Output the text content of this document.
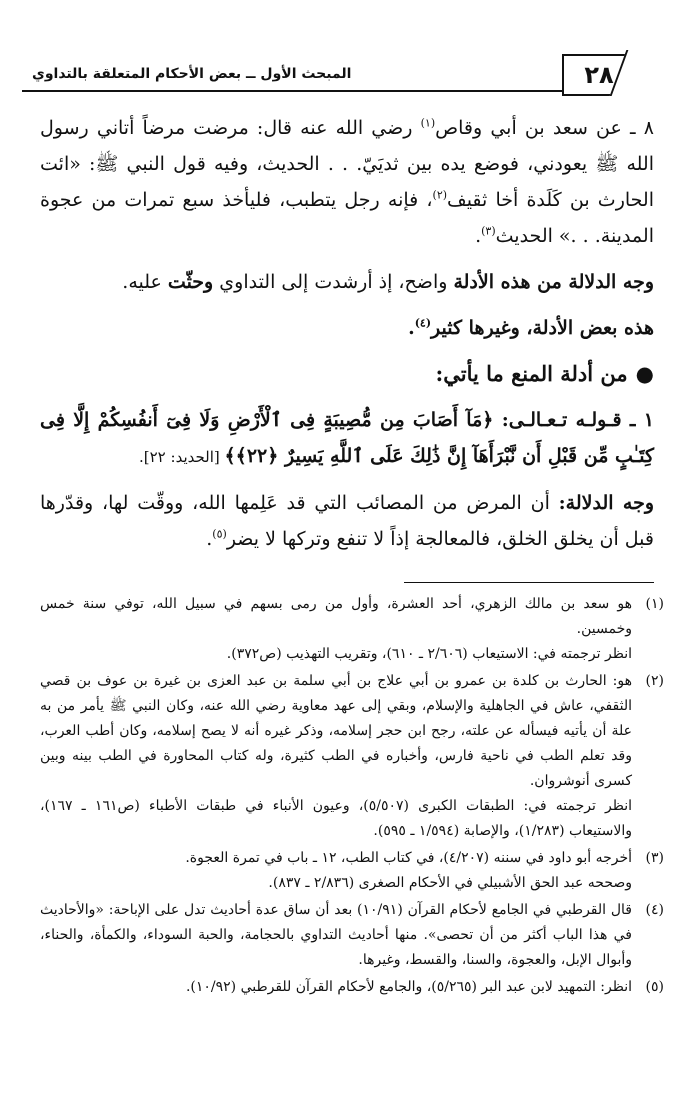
٢٨
المبحث الأول ــ بعض الأحكام المتعلقة بالتداوي

٨ ـ عن سعد بن أبي وقاص$^{(١)}$ رضي الله عنه قال: مرضت مرضاً أتاني رسول الله ﷺ يعودني، فوضع يده بين ثديَيّ. . . الحديث، وفيه قول النبي ﷺ: «ائت الحارث بن كَلَدة أخا ثقيف$^{(٢)}$، فإنه رجل يتطبب، فليأخذ سبع تمرات من عجوة المدينة. . .» الحديث$^{(٣)}$.

وجه الدلالة من هذه الأدلة واضح، إذ أرشدت إلى التداوي وحثّت عليه.

هذه بعض الأدلة، وغيرها كثير$^{(٤)}$.

●من أدلة المنع ما يأتي:

١ ـ قـولـه تـعـالـى: ﴿مَآ أَصَابَ مِن مُّصِيبَةٍ فِى ٱلْأَرْضِ وَلَا فِىٓ أَنفُسِكُمْ إِلَّا فِى كِتَـٰبٍ مِّن قَبْلِ أَن نَّبْرَأَهَآ إِنَّ ذَٰلِكَ عَلَى ٱللَّهِ يَسِيرٌ ﴿٢٢﴾﴾ [الحديد: ٢٢].

وجه الدلالة: أن المرض من المصائب التي قد عَلِمها الله، ووقّت لها، وقدّرها قبل أن يخلق الخلق، فالمعالجة إذاً لا تنفع وتركها لا يضر$^{(٥)}$.

(١)
هو سعد بن مالك الزهري، أحد العشرة، وأول من رمى بسهم في سبيل الله، توفي سنة خمس وخمسين.
انظر ترجمته في: الاستيعاب (٢/٦٠٦ ـ ٦١٠)، وتقريب التهذيب (ص٣٧٢).
(٢)
هو: الحارث بن كلدة بن عمرو بن أبي علاج بن أبي سلمة بن عبد العزى بن غيرة بن عوف بن قصي الثقفي، عاش في الجاهلية والإسلام، وبقي إلى عهد معاوية رضي الله عنه، وكان النبي ﷺ يأمر من به علة أن يأتيه فيسأله عن علته، رجح ابن حجر إسلامه، وذكر غيره أنه لا يصح إسلامه، وكان أطب العرب، وقد تعلم الطب في ناحية فارس، وأخباره في الطب كثيرة، وله كتاب المحاورة في الطب بينه وبين كسرى أنوشروان.
انظر ترجمته في: الطبقات الكبرى (٥/٥٠٧)، وعيون الأنباء في طبقات الأطباء (ص١٦١ ـ ١٦٧)، والاستيعاب (١/٢٨٣)، والإصابة (١/٥٩٤ ـ ٥٩٥).
(٣)
أخرجه أبو داود في سننه (٤/٢٠٧)، في كتاب الطب، ١٢ ـ باب في تمرة العجوة.
وصححه عبد الحق الأشبيلي في الأحكام الصغرى (٢/٨٣٦ ـ ٨٣٧).
(٤)
قال القرطبي في الجامع لأحكام القرآن (١٠/٩١) بعد أن ساق عدة أحاديث تدل على الإباحة: «والأحاديث في هذا الباب أكثر من أن تحصى». منها أحاديث التداوي بالحجامة، والحبة السوداء، والكمأة، والحناء، وأبوال الإبل، والعجوة، والسنا، والقسط، وغيرها.
(٥)
انظر: التمهيد لابن عبد البر (٥/٢٦٥)، والجامع لأحكام القرآن للقرطبي (١٠/٩٢).
